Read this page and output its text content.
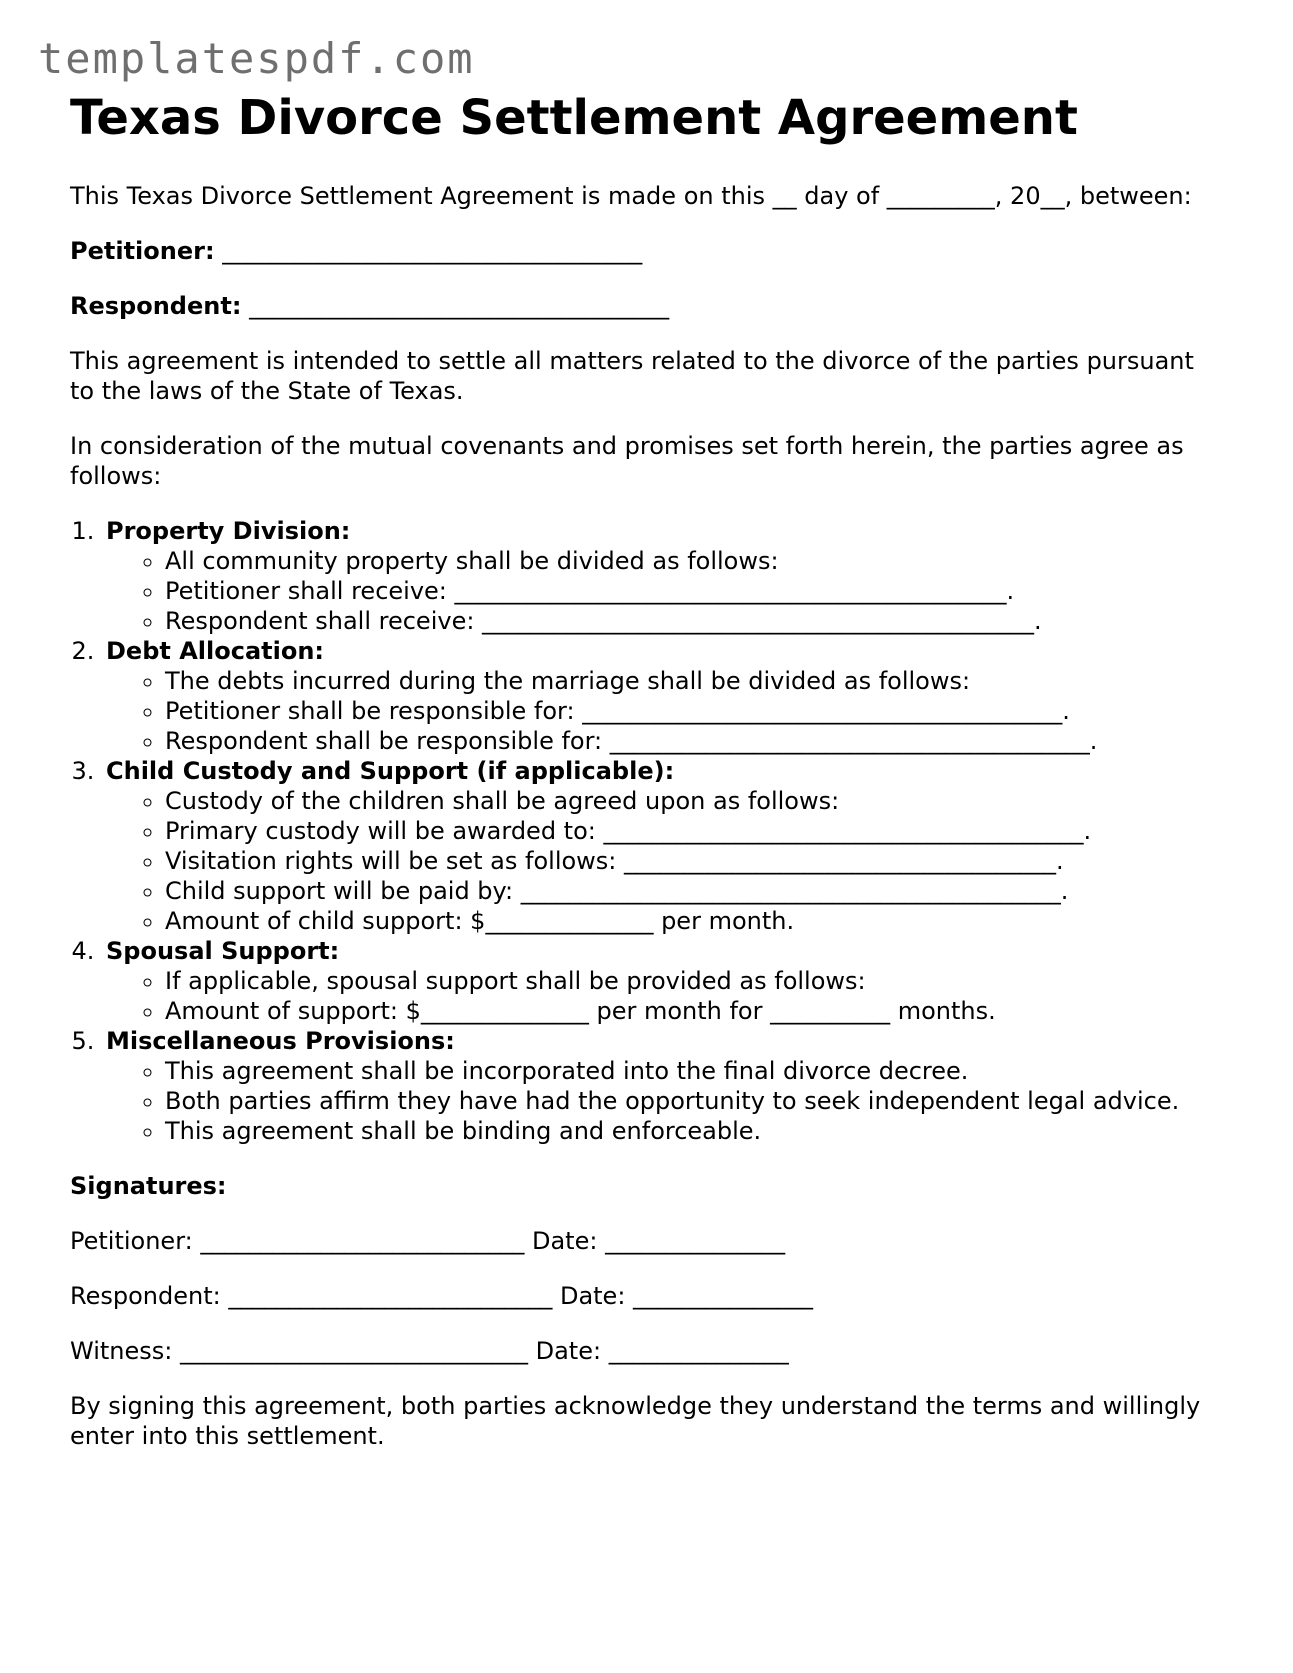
templatespdf.com
Texas Divorce Settlement Agreement

This Texas Divorce Settlement Agreement is made on this __ day of _________, 20__, between:

Petitioner: ___________________________________

Respondent: ___________________________________

This agreement is intended to settle all matters related to the divorce of the parties pursuant to the laws of the State of Texas.

In consideration of the mutual covenants and promises set forth herein, the parties agree as follows:

1. Property Division:
◦ All community property shall be divided as follows:
◦ Petitioner shall receive: ______________________________________________.
◦ Respondent shall receive: ______________________________________________.
2. Debt Allocation:
◦ The debts incurred during the marriage shall be divided as follows:
◦ Petitioner shall be responsible for: ________________________________________.
◦ Respondent shall be responsible for: ________________________________________.
3. Child Custody and Support (if applicable):
◦ Custody of the children shall be agreed upon as follows:
◦ Primary custody will be awarded to: ________________________________________.
◦ Visitation rights will be set as follows: ____________________________________.
◦ Child support will be paid by: _____________________________________________.
◦ Amount of child support: $______________ per month.
4. Spousal Support:
◦ If applicable, spousal support shall be provided as follows:
◦ Amount of support: $______________ per month for __________ months.
5. Miscellaneous Provisions:
◦ This agreement shall be incorporated into the final divorce decree.
◦ Both parties affirm they have had the opportunity to seek independent legal advice.
◦ This agreement shall be binding and enforceable.

Signatures:

Petitioner: ___________________________ Date: _______________

Respondent: ___________________________ Date: _______________

Witness: _____________________________ Date: _______________

By signing this agreement, both parties acknowledge they understand the terms and willingly enter into this settlement.
